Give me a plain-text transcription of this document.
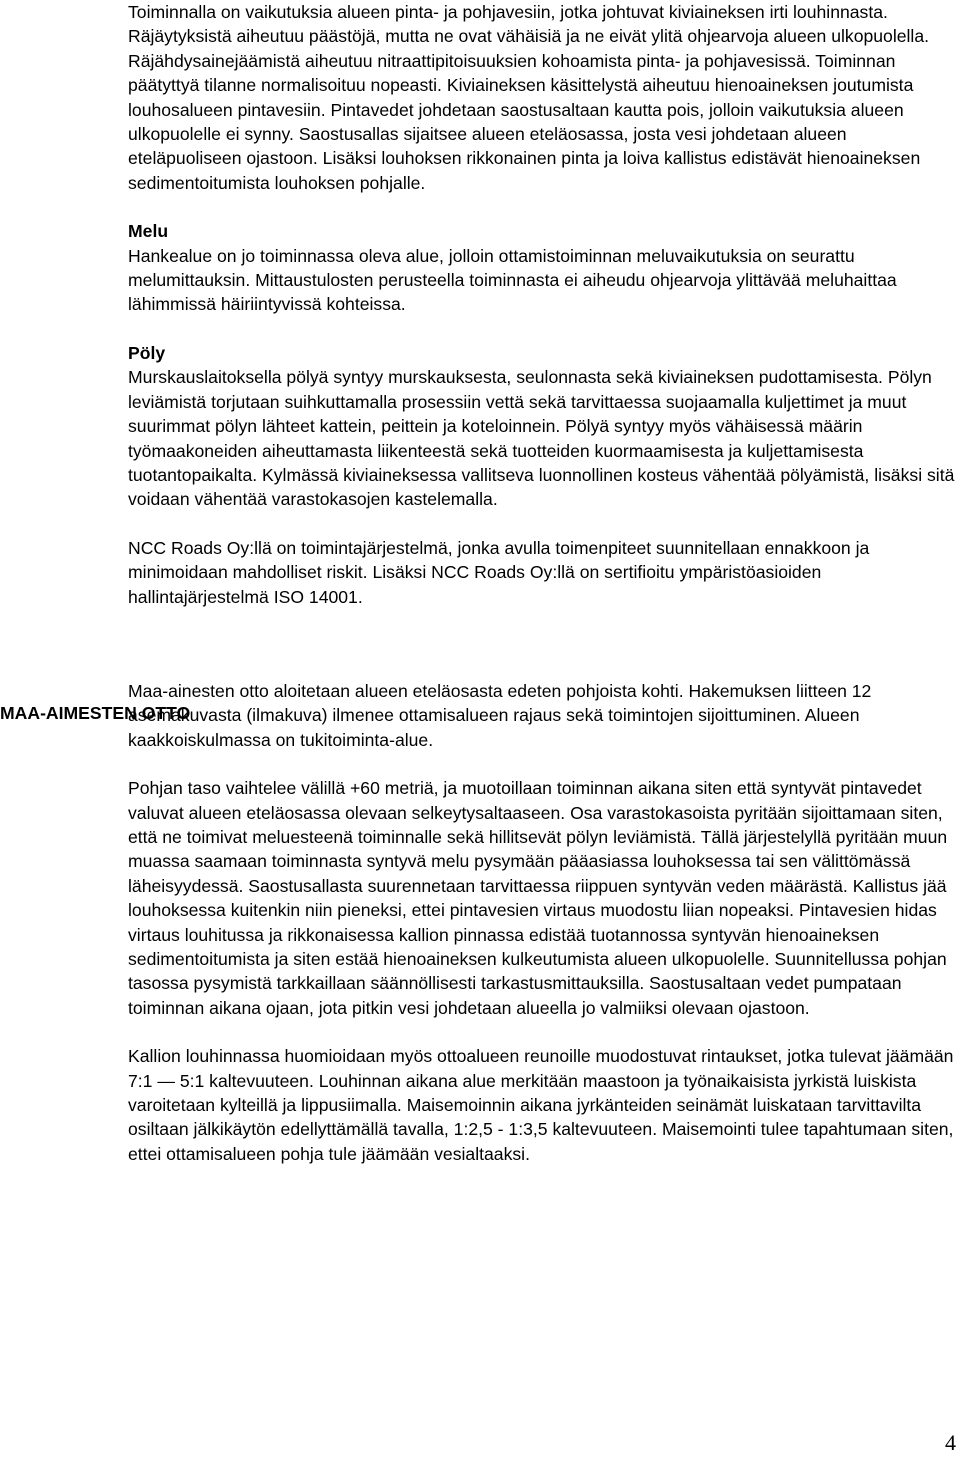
Toiminnalla on vaikutuksia alueen pinta- ja pohjavesiin, jotka johtuvat kiviaineksen irti louhinnasta. Räjäytyksistä aiheutuu päästöjä, mutta ne ovat vähäisiä ja ne eivät ylitä ohjearvoja alueen ulkopuolella. Räjähdysainejäämistä aiheutuu nitraattipitoisuuksien kohoamista pinta- ja pohjavesissä. Toiminnan päätyttyä tilanne normalisoituu nopeasti. Kiviaineksen käsittelystä aiheutuu hienoaineksen joutumista louhosalueen pintavesiin. Pintavedet johdetaan saostusaltaan kautta pois, jolloin vaikutuksia alueen ulkopuolelle ei synny. Saostusallas sijaitsee alueen eteläosassa, josta vesi johdetaan alueen eteläpuoliseen ojastoon. Lisäksi louhoksen rikkonainen pinta ja loiva kallistus edistävät hienoaineksen sedimentoitumista louhoksen pohjalle.

Melu

Hankealue on jo toiminnassa oleva alue, jolloin ottamistoiminnan meluvaikutuksia on seurattu melumittauksin. Mittaustulosten perusteella toiminnasta ei aiheudu ohjearvoja ylittävää meluhaittaa lähimmissä häiriintyvissä kohteissa.

Pöly

Murskauslaitoksella pölyä syntyy murskauksesta, seulonnasta sekä kiviaineksen pudottamisesta. Pölyn leviämistä torjutaan suihkuttamalla prosessiin vettä sekä tarvittaessa suojaamalla kuljettimet ja muut suurimmat pölyn lähteet kattein, peittein ja koteloinnein. Pölyä syntyy myös vähäisessä määrin työmaakoneiden aiheuttamasta liikenteestä sekä tuotteiden kuormaamisesta ja kuljettamisesta tuotantopaikalta. Kylmässä kiviaineksessa vallitseva luonnollinen kosteus vähentää pölyämistä, lisäksi sitä voidaan vähentää varastokasojen kastelemalla.

NCC Roads Oy:llä on toimintajärjestelmä, jonka avulla toimenpiteet suunnitellaan ennakkoon ja minimoidaan mahdolliset riskit. Lisäksi NCC Roads Oy:llä on sertifioitu ympäristöasioiden hallintajärjestelmä ISO 14001.

Maa-ainesten otto aloitetaan alueen eteläosasta edeten pohjoista kohti. Hakemuksen liitteen 12 asemakuvasta (ilmakuva) ilmenee ottamisalueen rajaus sekä toimintojen sijoittuminen. Alueen kaakkoiskulmassa on tukitoiminta-alue.

Pohjan taso vaihtelee välillä +60 metriä, ja muotoillaan toiminnan aikana siten että syntyvät pintavedet valuvat alueen eteläosassa olevaan selkeytysaltaaseen. Osa varastokasoista pyritään sijoittamaan siten, että ne toimivat meluesteenä toiminnalle sekä hillitsevät pölyn leviämistä. Tällä järjestelyllä pyritään muun muassa saamaan toiminnasta syntyvä melu pysymään pääasiassa louhoksessa tai sen välittömässä läheisyydessä. Saostusallasta suurennetaan tarvittaessa riippuen syntyvän veden määrästä. Kallistus jää louhoksessa kuitenkin niin pieneksi, ettei pintavesien virtaus muodostu liian nopeaksi. Pintavesien hidas virtaus louhitussa ja rikkonaisessa kallion pinnassa edistää tuotannossa syntyvän hienoaineksen sedimentoitumista ja siten estää hienoaineksen kulkeutumista alueen ulkopuolelle. Suunnitellussa pohjan tasossa pysymistä tarkkaillaan säännöllisesti tarkastusmittauksilla. Saostusaltaan vedet pumpataan toiminnan aikana ojaan, jota pitkin vesi johdetaan alueella jo valmiiksi olevaan ojastoon.

Kallion louhinnassa huomioidaan myös ottoalueen reunoille muodostuvat rintaukset, jotka tulevat jäämään 7:1 — 5:1 kaltevuuteen. Louhinnan aikana alue merkitään maastoon ja työnaikaisista jyrkistä luiskista varoitetaan kylteillä ja lippusiimalla. Maisemoinnin aikana jyrkänteiden seinämät luiskataan tarvittavilta osiltaan jälkikäytön edellyttämällä tavalla, 1:2,5 - 1:3,5 kaltevuuteen. Maisemointi tulee tapahtumaan siten, ettei ottamisalueen pohja tule jäämään vesialtaaksi.

MAA-AIMESTEN OTTO

4
